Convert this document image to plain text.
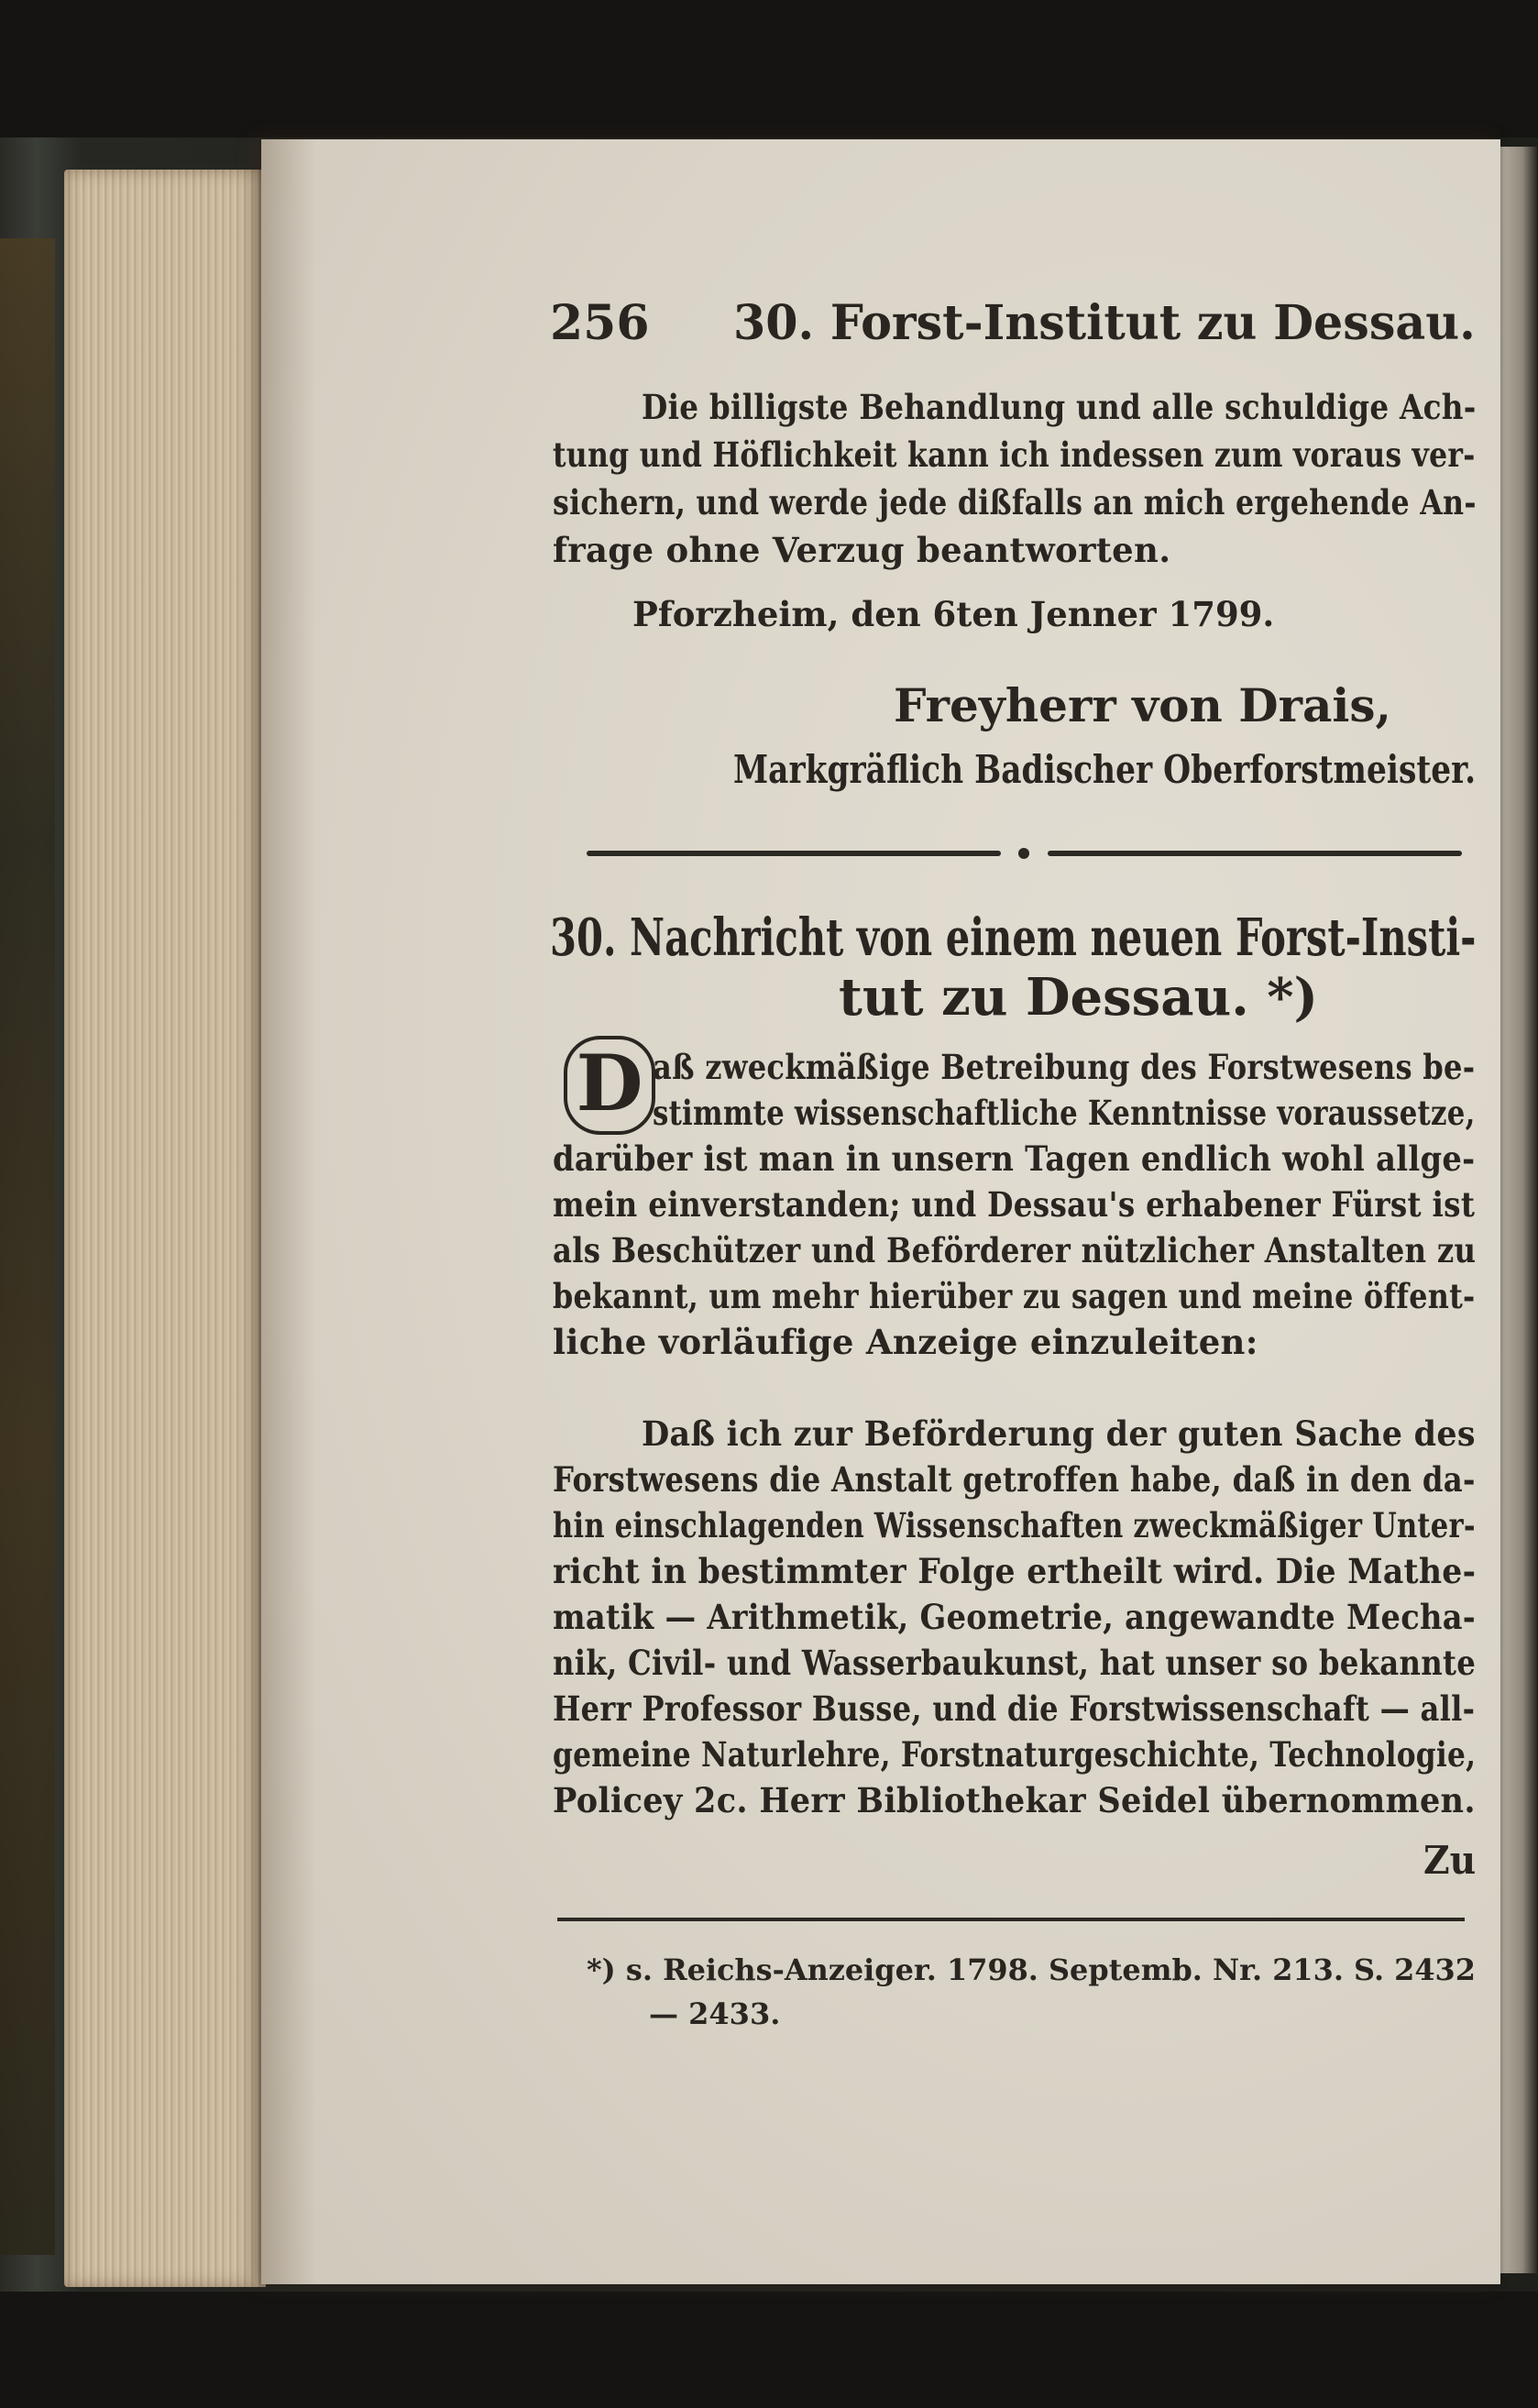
256 30. Forst-Institut zu Dessau.
Die billigste Behandlung und alle schuldige Ach-
tung und Höflichkeit kann ich indessen zum voraus ver-
sichern, und werde jede dißfalls an mich ergehende An-
frage ohne Verzug beantworten.
Pforzheim, den 6ten Jenner 1799.
Freyherr von Drais,
Markgräflich Badischer Oberforstmeister.
30. Nachricht von einem neuen Forst-Insti-
tut zu Dessau. *)
D aß zweckmäßige Betreibung des Forstwesens be-
stimmte wissenschaftliche Kenntnisse voraussetze,
darüber ist man in unsern Tagen endlich wohl allge-
mein einverstanden; und Dessau's erhabener Fürst ist
als Beschützer und Beförderer nützlicher Anstalten zu
bekannt, um mehr hierüber zu sagen und meine öffent-
liche vorläufige Anzeige einzuleiten:
Daß ich zur Beförderung der guten Sache des
Forstwesens die Anstalt getroffen habe, daß in den da-
hin einschlagenden Wissenschaften zweckmäßiger Unter-
richt in bestimmter Folge ertheilt wird. Die Mathe-
matik — Arithmetik, Geometrie, angewandte Mecha-
nik, Civil- und Wasserbaukunst, hat unser so bekannte
Herr Professor Busse, und die Forstwissenschaft — all-
gemeine Naturlehre, Forstnaturgeschichte, Technologie,
Policey 2c. Herr Bibliothekar Seidel übernommen.
Zu
*) s. Reichs-Anzeiger. 1798. Septemb. Nr. 213. S. 2432
— 2433.
